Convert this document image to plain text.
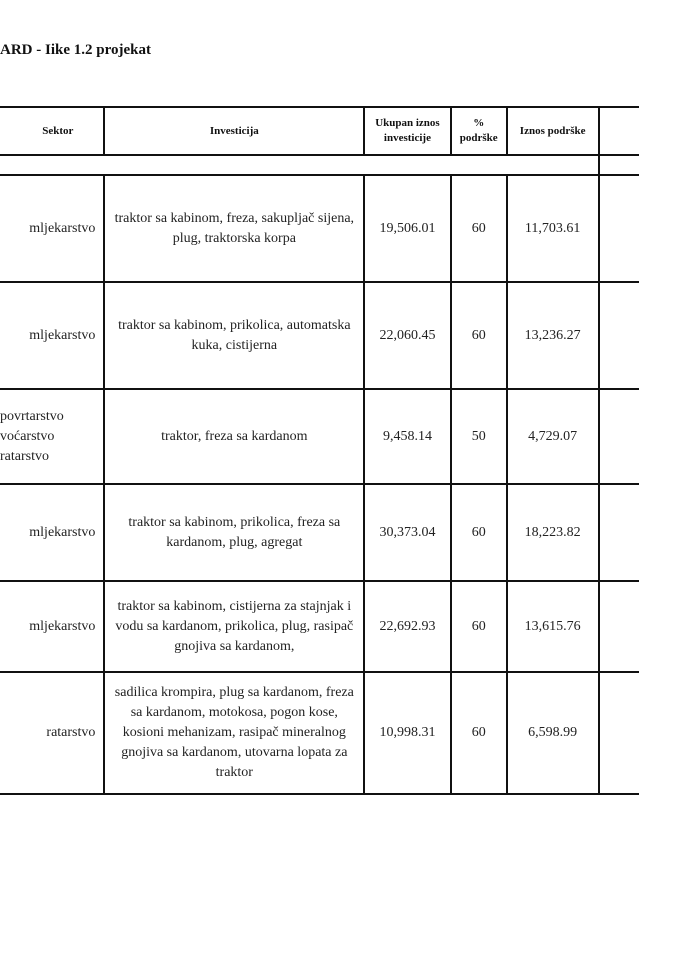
ARD - Iike 1.2 projekat
Sektor	Investicija	Ukupan iznos investicije	% podrške	Iznos podrške	

mljekarstvo	traktor sa kabinom, freza, sakupljač sijena, plug, traktorska korpa	19,506.01	60	11,703.61	
mljekarstvo	traktor sa kabinom, prikolica, automatska kuka, cistijerna	22,060.45	60	13,236.27	
povrtarstvo voćarstvo ratarstvo	traktor, freza sa kardanom	9,458.14	50	4,729.07	
mljekarstvo	traktor sa kabinom, prikolica, freza sa kardanom, plug, agregat	30,373.04	60	18,223.82	
mljekarstvo	traktor sa kabinom, cistijerna za stajnjak i vodu sa kardanom, prikolica, plug, rasipač gnojiva sa kardanom,	22,692.93	60	13,615.76	
ratarstvo	sadilica krompira, plug sa kardanom, freza sa kardanom, motokosa, pogon kose, kosioni mehanizam, rasipač mineralnog gnojiva sa kardanom, utovarna lopata za traktor	10,998.31	60	6,598.99	
